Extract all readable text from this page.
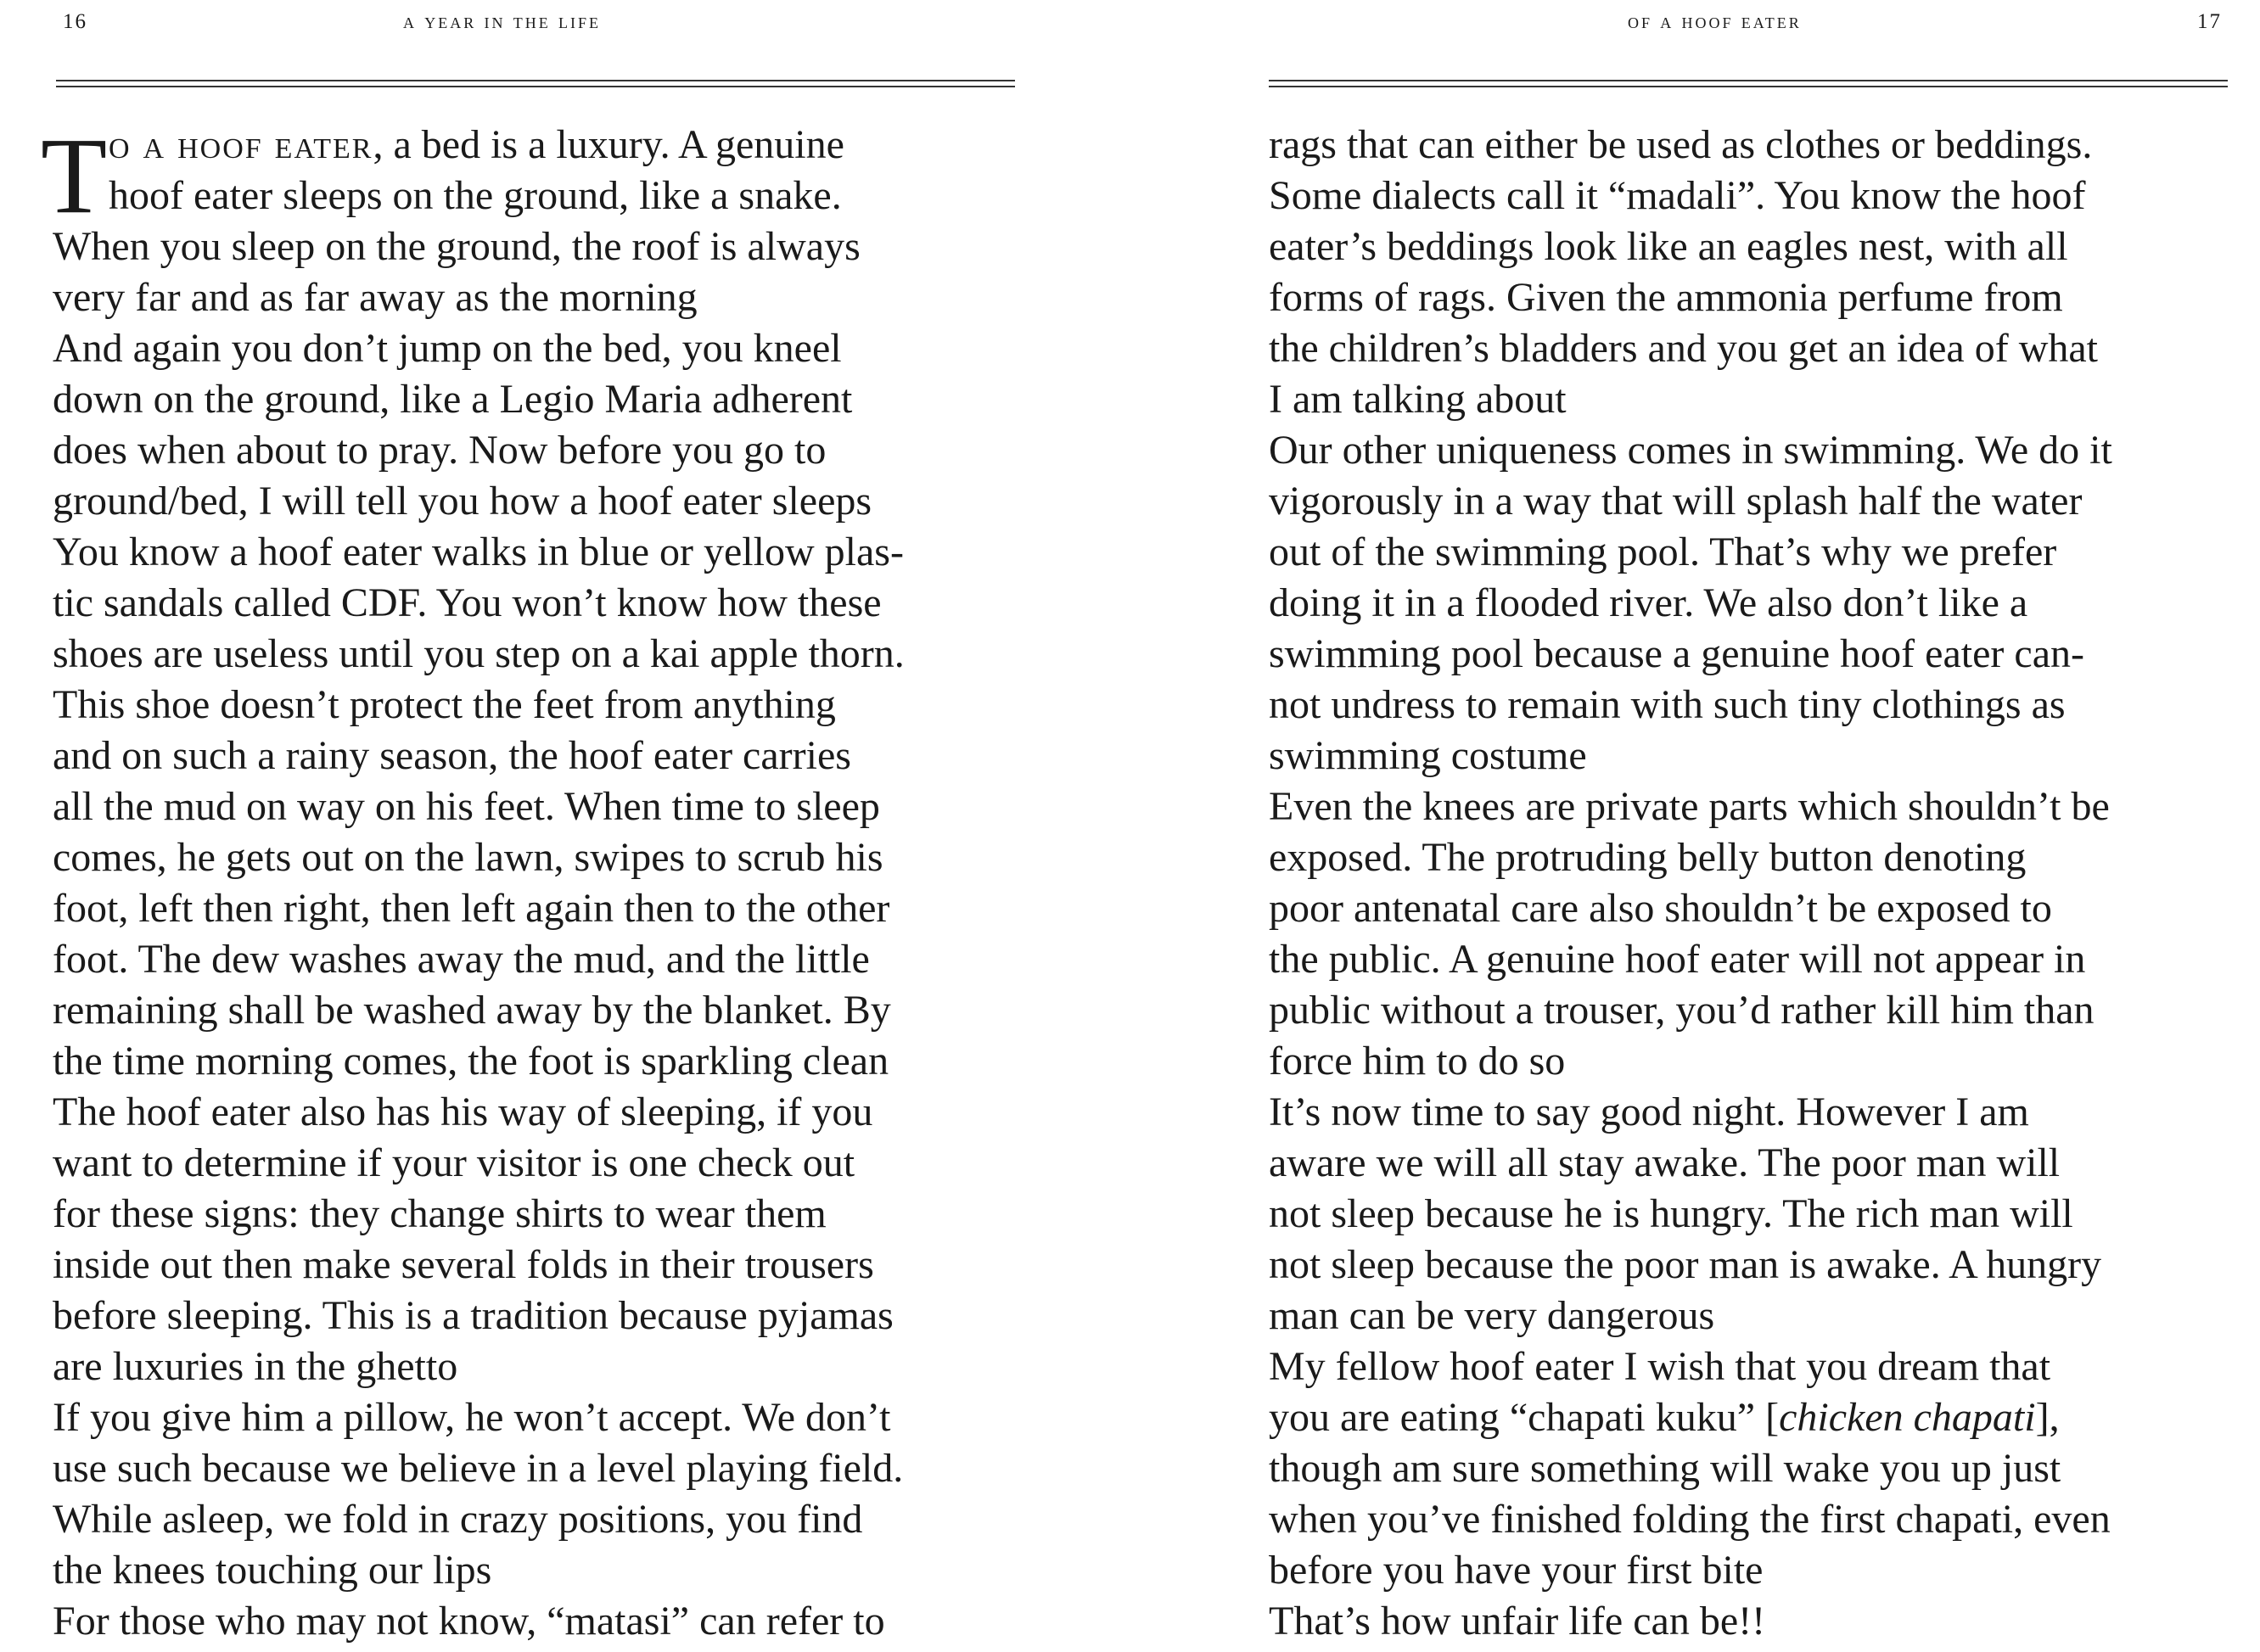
16	a year in the life
T o a hoof eater, a bed is a luxury. A genuine
hoof eater sleeps on the ground, like a snake.
When you sleep on the ground, the roof is always
very far and as far away as the morning
And again you don’t jump on the bed, you kneel
down on the ground, like a Legio Maria adherent
does when about to pray. Now before you go to
ground/bed, I will tell you how a hoof eater sleeps
You know a hoof eater walks in blue or yellow plas-
tic sandals called CDF. You won’t know how these
shoes are useless until you step on a kai apple thorn.
This shoe doesn’t protect the feet from anything
and on such a rainy season, the hoof eater carries
all the mud on way on his feet. When time to sleep
comes, he gets out on the lawn, swipes to scrub his
foot, left then right, then left again then to the other
foot. The dew washes away the mud, and the little
remaining shall be washed away by the blanket. By
the time morning comes, the foot is sparkling clean
The hoof eater also has his way of sleeping, if you
want to determine if your visitor is one check out
for these signs: they change shirts to wear them
inside out then make several folds in their trousers
before sleeping. This is a tradition because pyjamas
are luxuries in the ghetto
If you give him a pillow, he won’t accept. We don’t
use such because we believe in a level playing field.
While asleep, we fold in crazy positions, you find
the knees touching our lips
For those who may not know, “matasi” can refer to
of a hoof eater	17
rags that can either be used as clothes or beddings.
Some dialects call it “madali”. You know the hoof
eater’s beddings look like an eagles nest, with all
forms of rags. Given the ammonia perfume from
the children’s bladders and you get an idea of what
I am talking about
Our other uniqueness comes in swimming. We do it
vigorously in a way that will splash half the water
out of the swimming pool. That’s why we prefer
doing it in a flooded river. We also don’t like a
swimming pool because a genuine hoof eater can-
not undress to remain with such tiny clothings as
swimming costume
Even the knees are private parts which shouldn’t be
exposed. The protruding belly button denoting
poor antenatal care also shouldn’t be exposed to
the public. A genuine hoof eater will not appear in
public without a trouser, you’d rather kill him than
force him to do so
It’s now time to say good night. However I am
aware we will all stay awake. The poor man will
not sleep because he is hungry. The rich man will
not sleep because the poor man is awake. A hungry
man can be very dangerous
My fellow hoof eater I wish that you dream that
you are eating “chapati kuku” [chicken chapati],
though am sure something will wake you up just
when you’ve finished folding the first chapati, even
before you have your first bite
That’s how unfair life can be!!
